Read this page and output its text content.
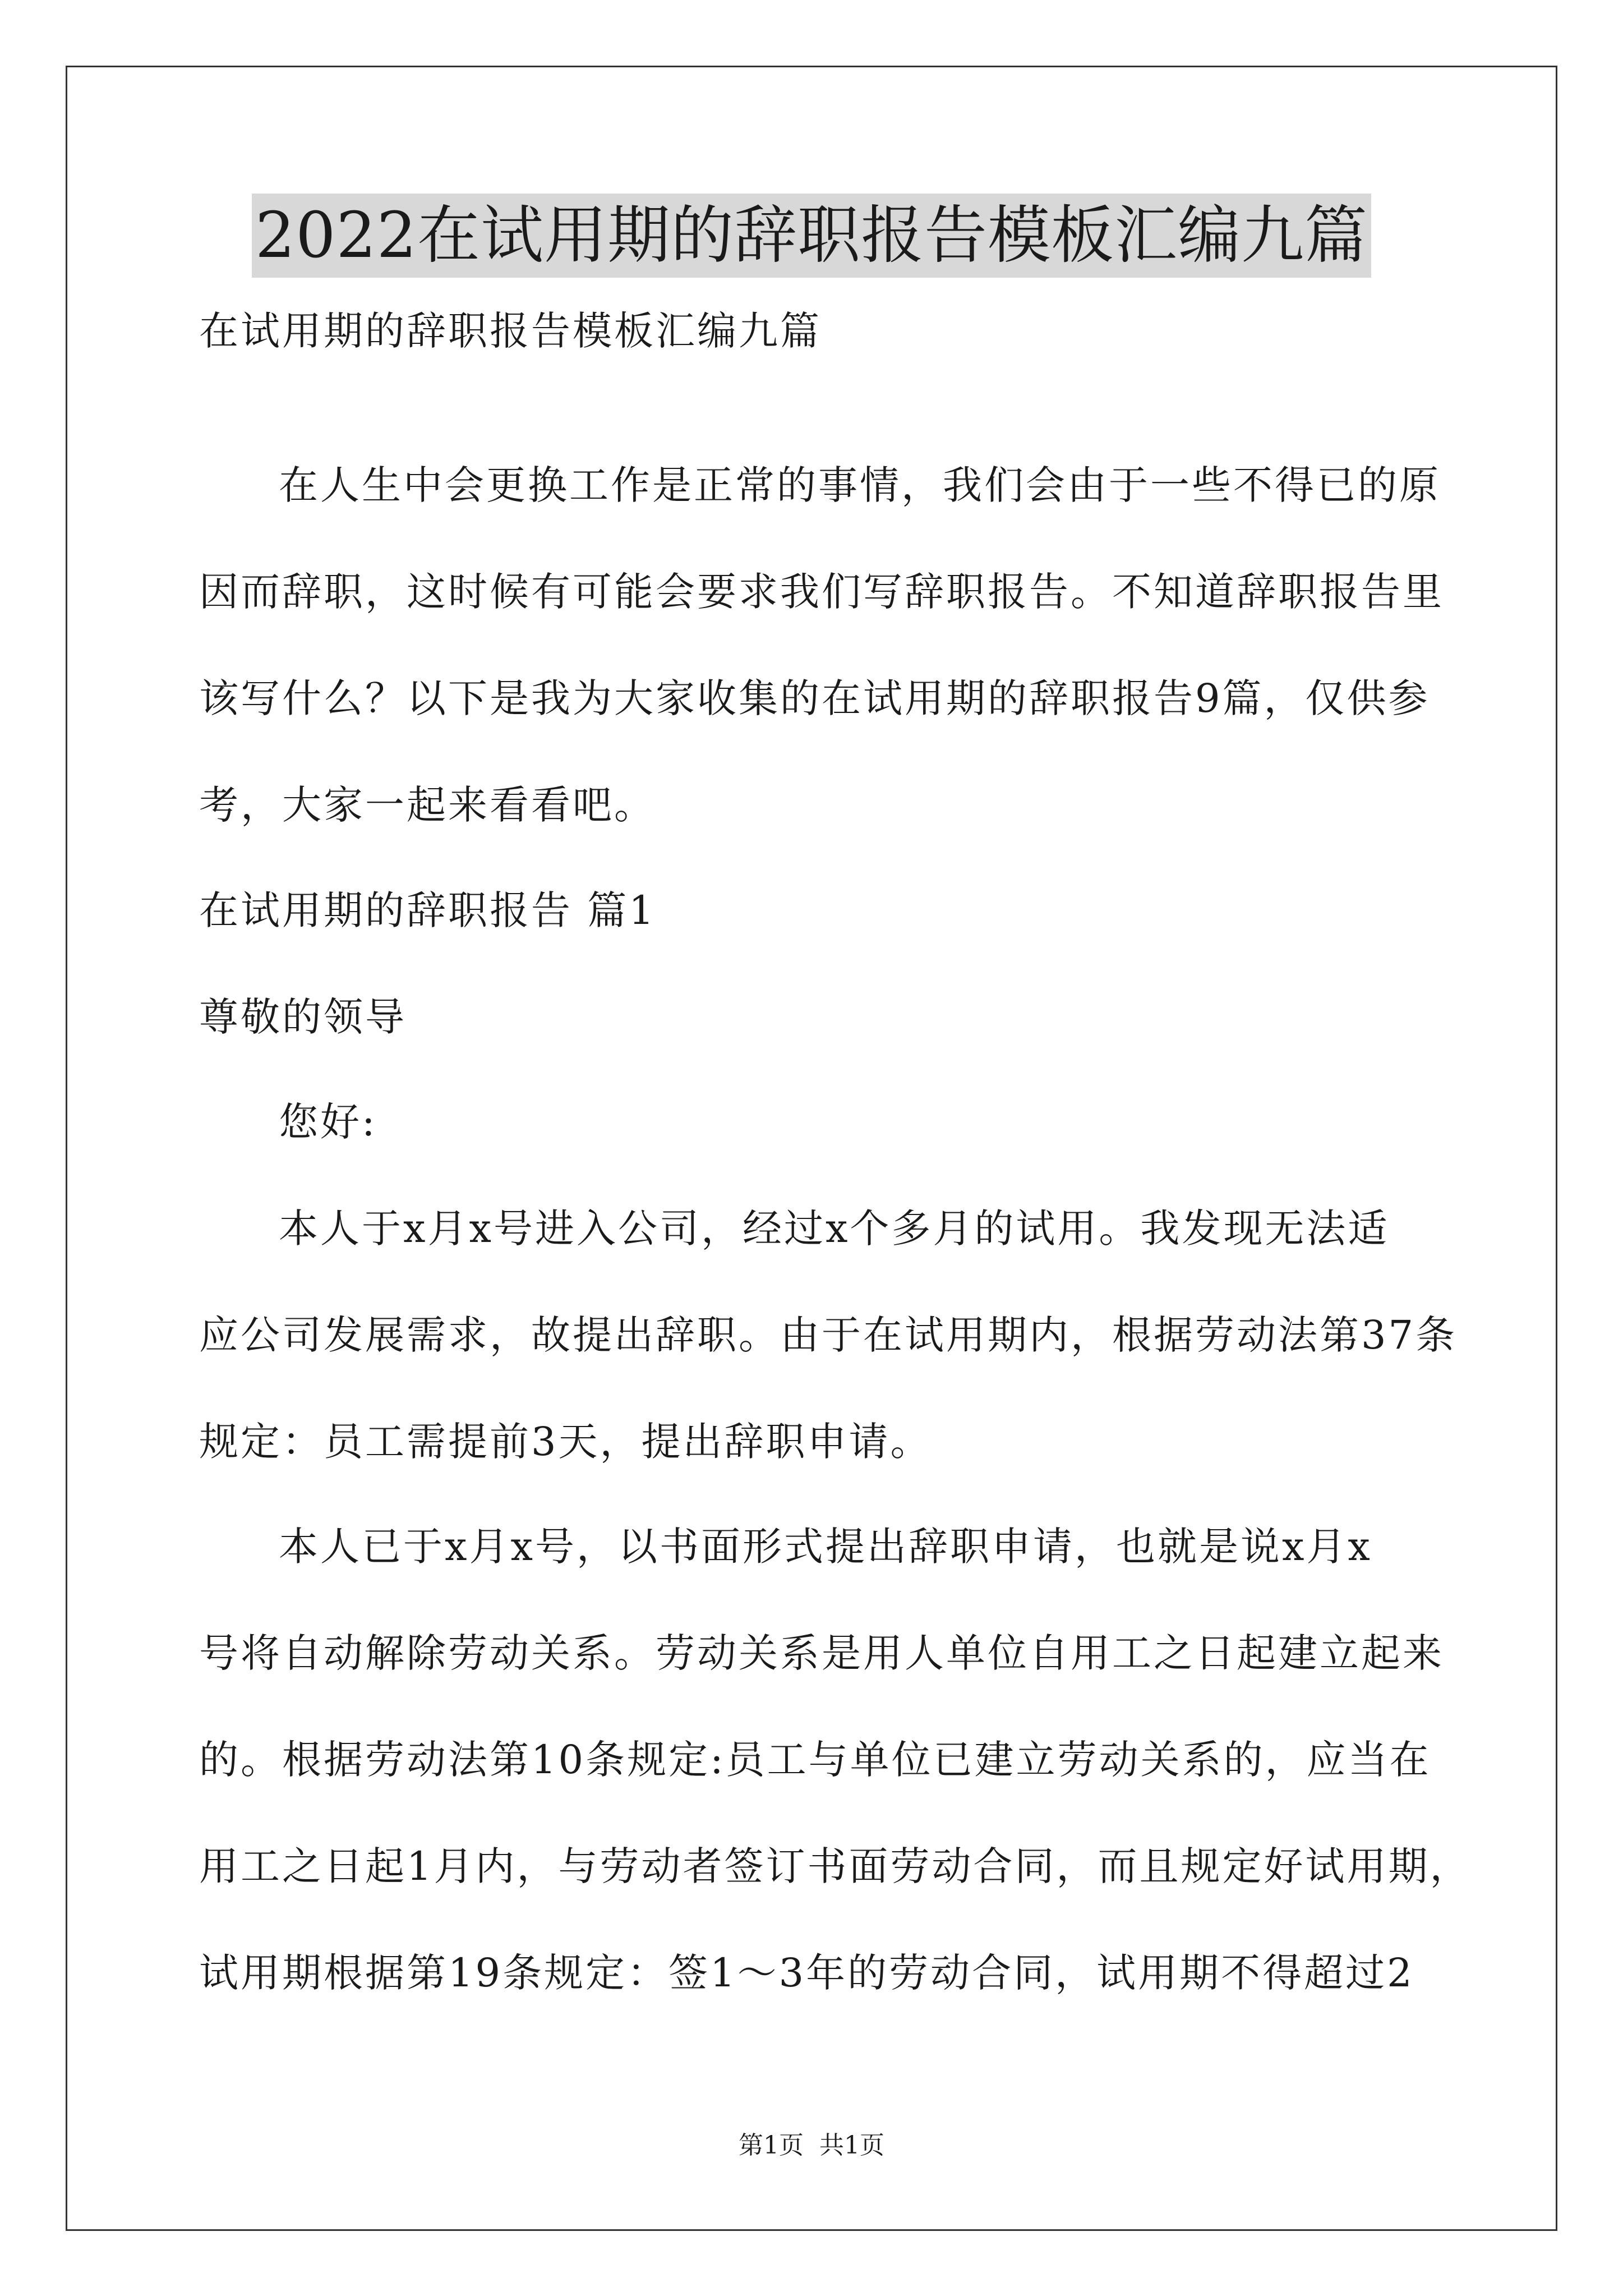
2022在试用期的辞职报告模板汇编九篇
在试用期的辞职报告模板汇编九篇
在人生中会更换工作是正常的事情，我们会由于一些不得已的原
因而辞职，这时候有可能会要求我们写辞职报告。不知道辞职报告里
该写什么？以下是我为大家收集的在试用期的辞职报告9篇，仅供参
考，大家一起来看看吧。
在试用期的辞职报告 篇1
尊敬的领导
您好:
本人于x月x号进入公司，经过x个多月的试用。我发现无法适
应公司发展需求，故提出辞职。由于在试用期内，根据劳动法第37条
规定：员工需提前3天，提出辞职申请。
本人已于x月x号，以书面形式提出辞职申请，也就是说x月x
号将自动解除劳动关系。劳动关系是用人单位自用工之日起建立起来
的。根据劳动法第10条规定:员工与单位已建立劳动关系的，应当在
用工之日起1月内，与劳动者签订书面劳动合同，而且规定好试用期，
试用期根据第19条规定：签1～3年的劳动合同，试用期不得超过2
第1页 共1页
